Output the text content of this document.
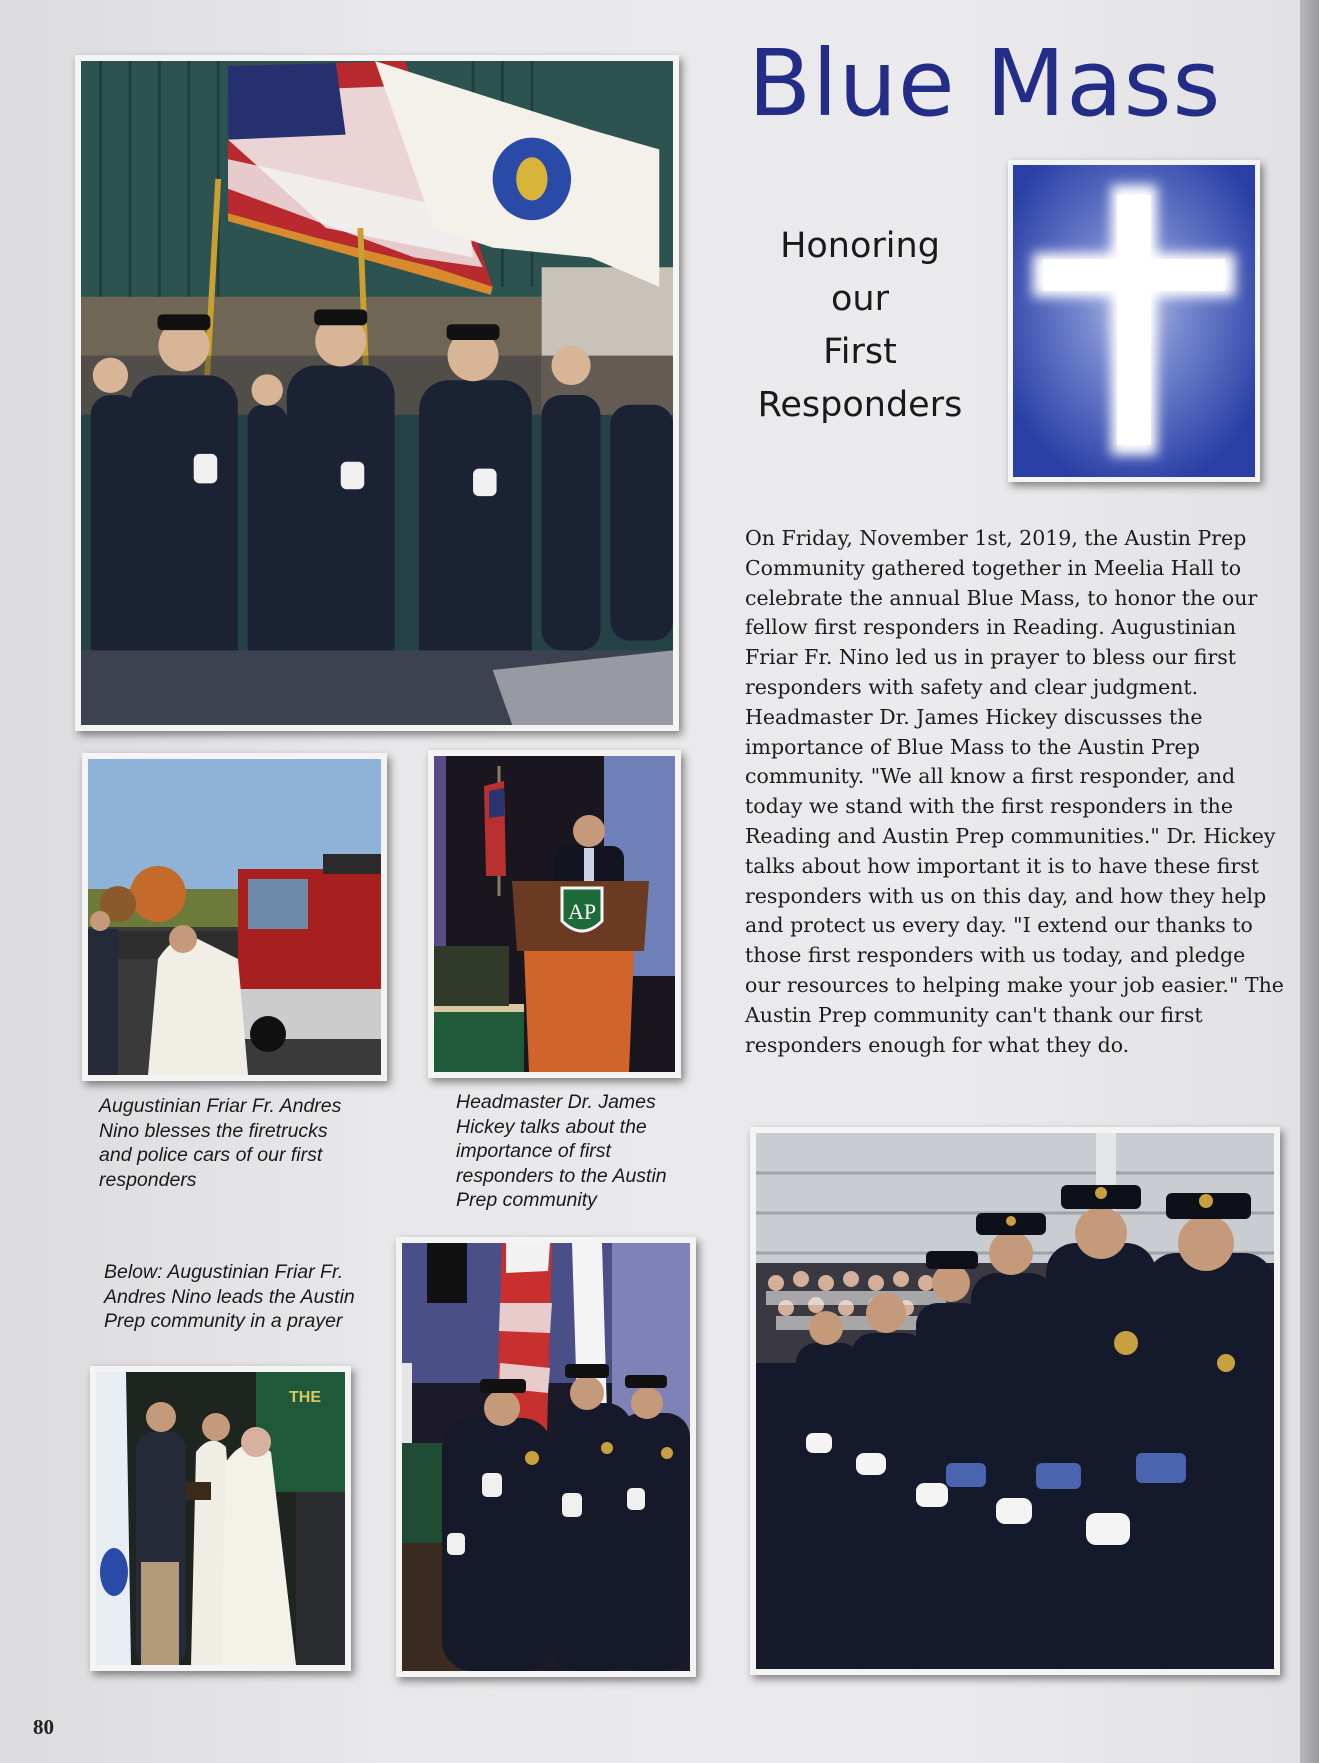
Blue Mass
Honoring
our
First
Responders
On Friday, November 1st, 2019, the Austin Prep Community gathered together in Meelia Hall to celebrate the annual Blue Mass, to honor the our fellow first responders in Reading. Augustinian Friar Fr. Nino led us in prayer to bless our first responders with safety and clear judgment. Headmaster Dr. James Hickey discusses the importance of Blue Mass to the Austin Prep community. "We all know a first responder, and today we stand with the first responders in the Reading and Austin Prep communities." Dr. Hickey talks about how important it is to have these first responders with us on this day, and how they help and protect us every day. "I extend our thanks to those first responders with us today, and pledge our resources to helping make your job easier." The Austin Prep community can't thank our first responders enough for what they do.
AP
Augustinian Friar Fr. Andres Nino blesses the firetrucks and police cars of our first responders
Headmaster Dr. James Hickey talks about the importance of first responders to the Austin Prep community
Below: Augustinian Friar Fr. Andres Nino leads the Austin Prep community in a prayer
THE
80
